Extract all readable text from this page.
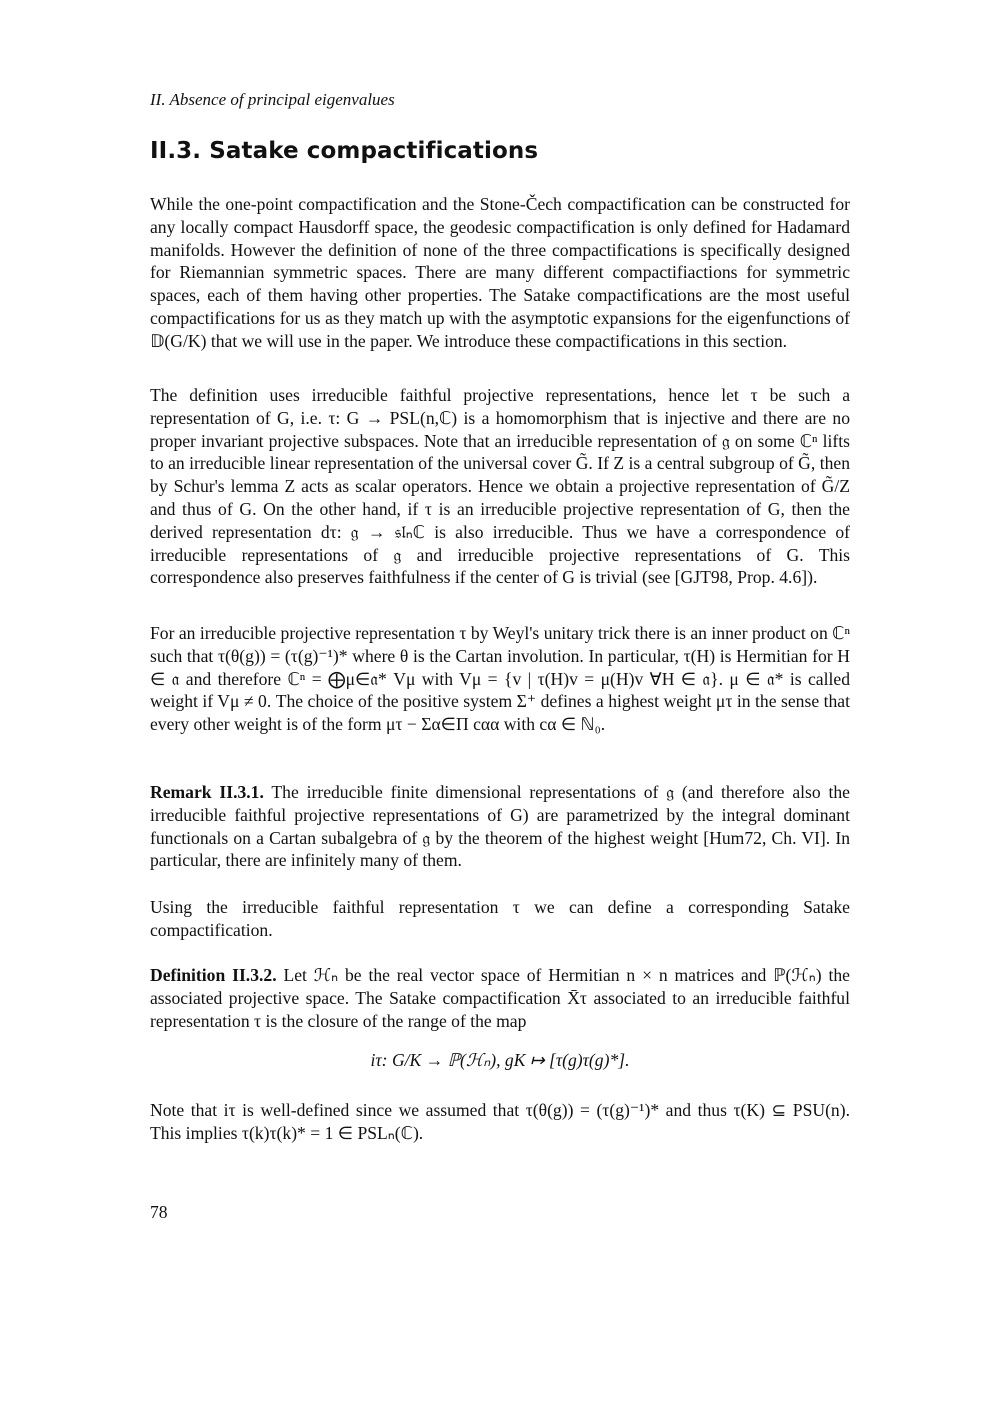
II. Absence of principal eigenvalues
II.3. Satake compactifications

While the one-point compactification and the Stone-Čech compactification can be constructed for any locally compact Hausdorff space, the geodesic compactification is only defined for Hadamard manifolds. However the definition of none of the three compactifications is specifically designed for Riemannian symmetric spaces. There are many different compactifiactions for symmetric spaces, each of them having other properties. The Satake compactifications are the most useful compactifications for us as they match up with the asymptotic expansions for the eigenfunctions of 𝔻(G/K) that we will use in the paper. We introduce these compactifications in this section.

The definition uses irreducible faithful projective representations, hence let τ be such a representation of G, i.e. τ: G → PSL(n,ℂ) is a homomorphism that is injective and there are no proper invariant projective subspaces. Note that an irreducible representation of 𝔤 on some ℂⁿ lifts to an irreducible linear representation of the universal cover G̃. If Z is a central subgroup of G̃, then by Schur's lemma Z acts as scalar operators. Hence we obtain a projective representation of G̃/Z and thus of G. On the other hand, if τ is an irreducible projective representation of G, then the derived representation dτ: 𝔤 → 𝔰𝔩ₙℂ is also irreducible. Thus we have a correspondence of irreducible representations of 𝔤 and irreducible projective representations of G. This correspondence also preserves faithfulness if the center of G is trivial (see [GJT98, Prop. 4.6]).

For an irreducible projective representation τ by Weyl's unitary trick there is an inner product on ℂⁿ such that τ(θ(g)) = (τ(g)⁻¹)* where θ is the Cartan involution. In particular, τ(H) is Hermitian for H ∈ 𝔞 and therefore ℂⁿ = ⨁μ∈𝔞* Vμ with Vμ = {v | τ(H)v = μ(H)v ∀H ∈ 𝔞}. μ ∈ 𝔞* is called weight if Vμ ≠ 0. The choice of the positive system Σ⁺ defines a highest weight μτ in the sense that every other weight is of the form μτ − Σα∈Π cαα with cα ∈ ℕ₀.

Remark II.3.1. The irreducible finite dimensional representations of 𝔤 (and therefore also the irreducible faithful projective representations of G) are parametrized by the integral dominant functionals on a Cartan subalgebra of 𝔤 by the theorem of the highest weight [Hum72, Ch. VI]. In particular, there are infinitely many of them.

Using the irreducible faithful representation τ we can define a corresponding Satake compactification.

Definition II.3.2. Let ℋₙ be the real vector space of Hermitian n × n matrices and ℙ(ℋₙ) the associated projective space. The Satake compactification X̄τ associated to an irreducible faithful representation τ is the closure of the range of the map

iτ: G/K → ℙ(ℋₙ), gK ↦ [τ(g)τ(g)*].

Note that iτ is well-defined since we assumed that τ(θ(g)) = (τ(g)⁻¹)* and thus τ(K) ⊆ PSU(n). This implies τ(k)τ(k)* = 1 ∈ PSLₙ(ℂ).

78
